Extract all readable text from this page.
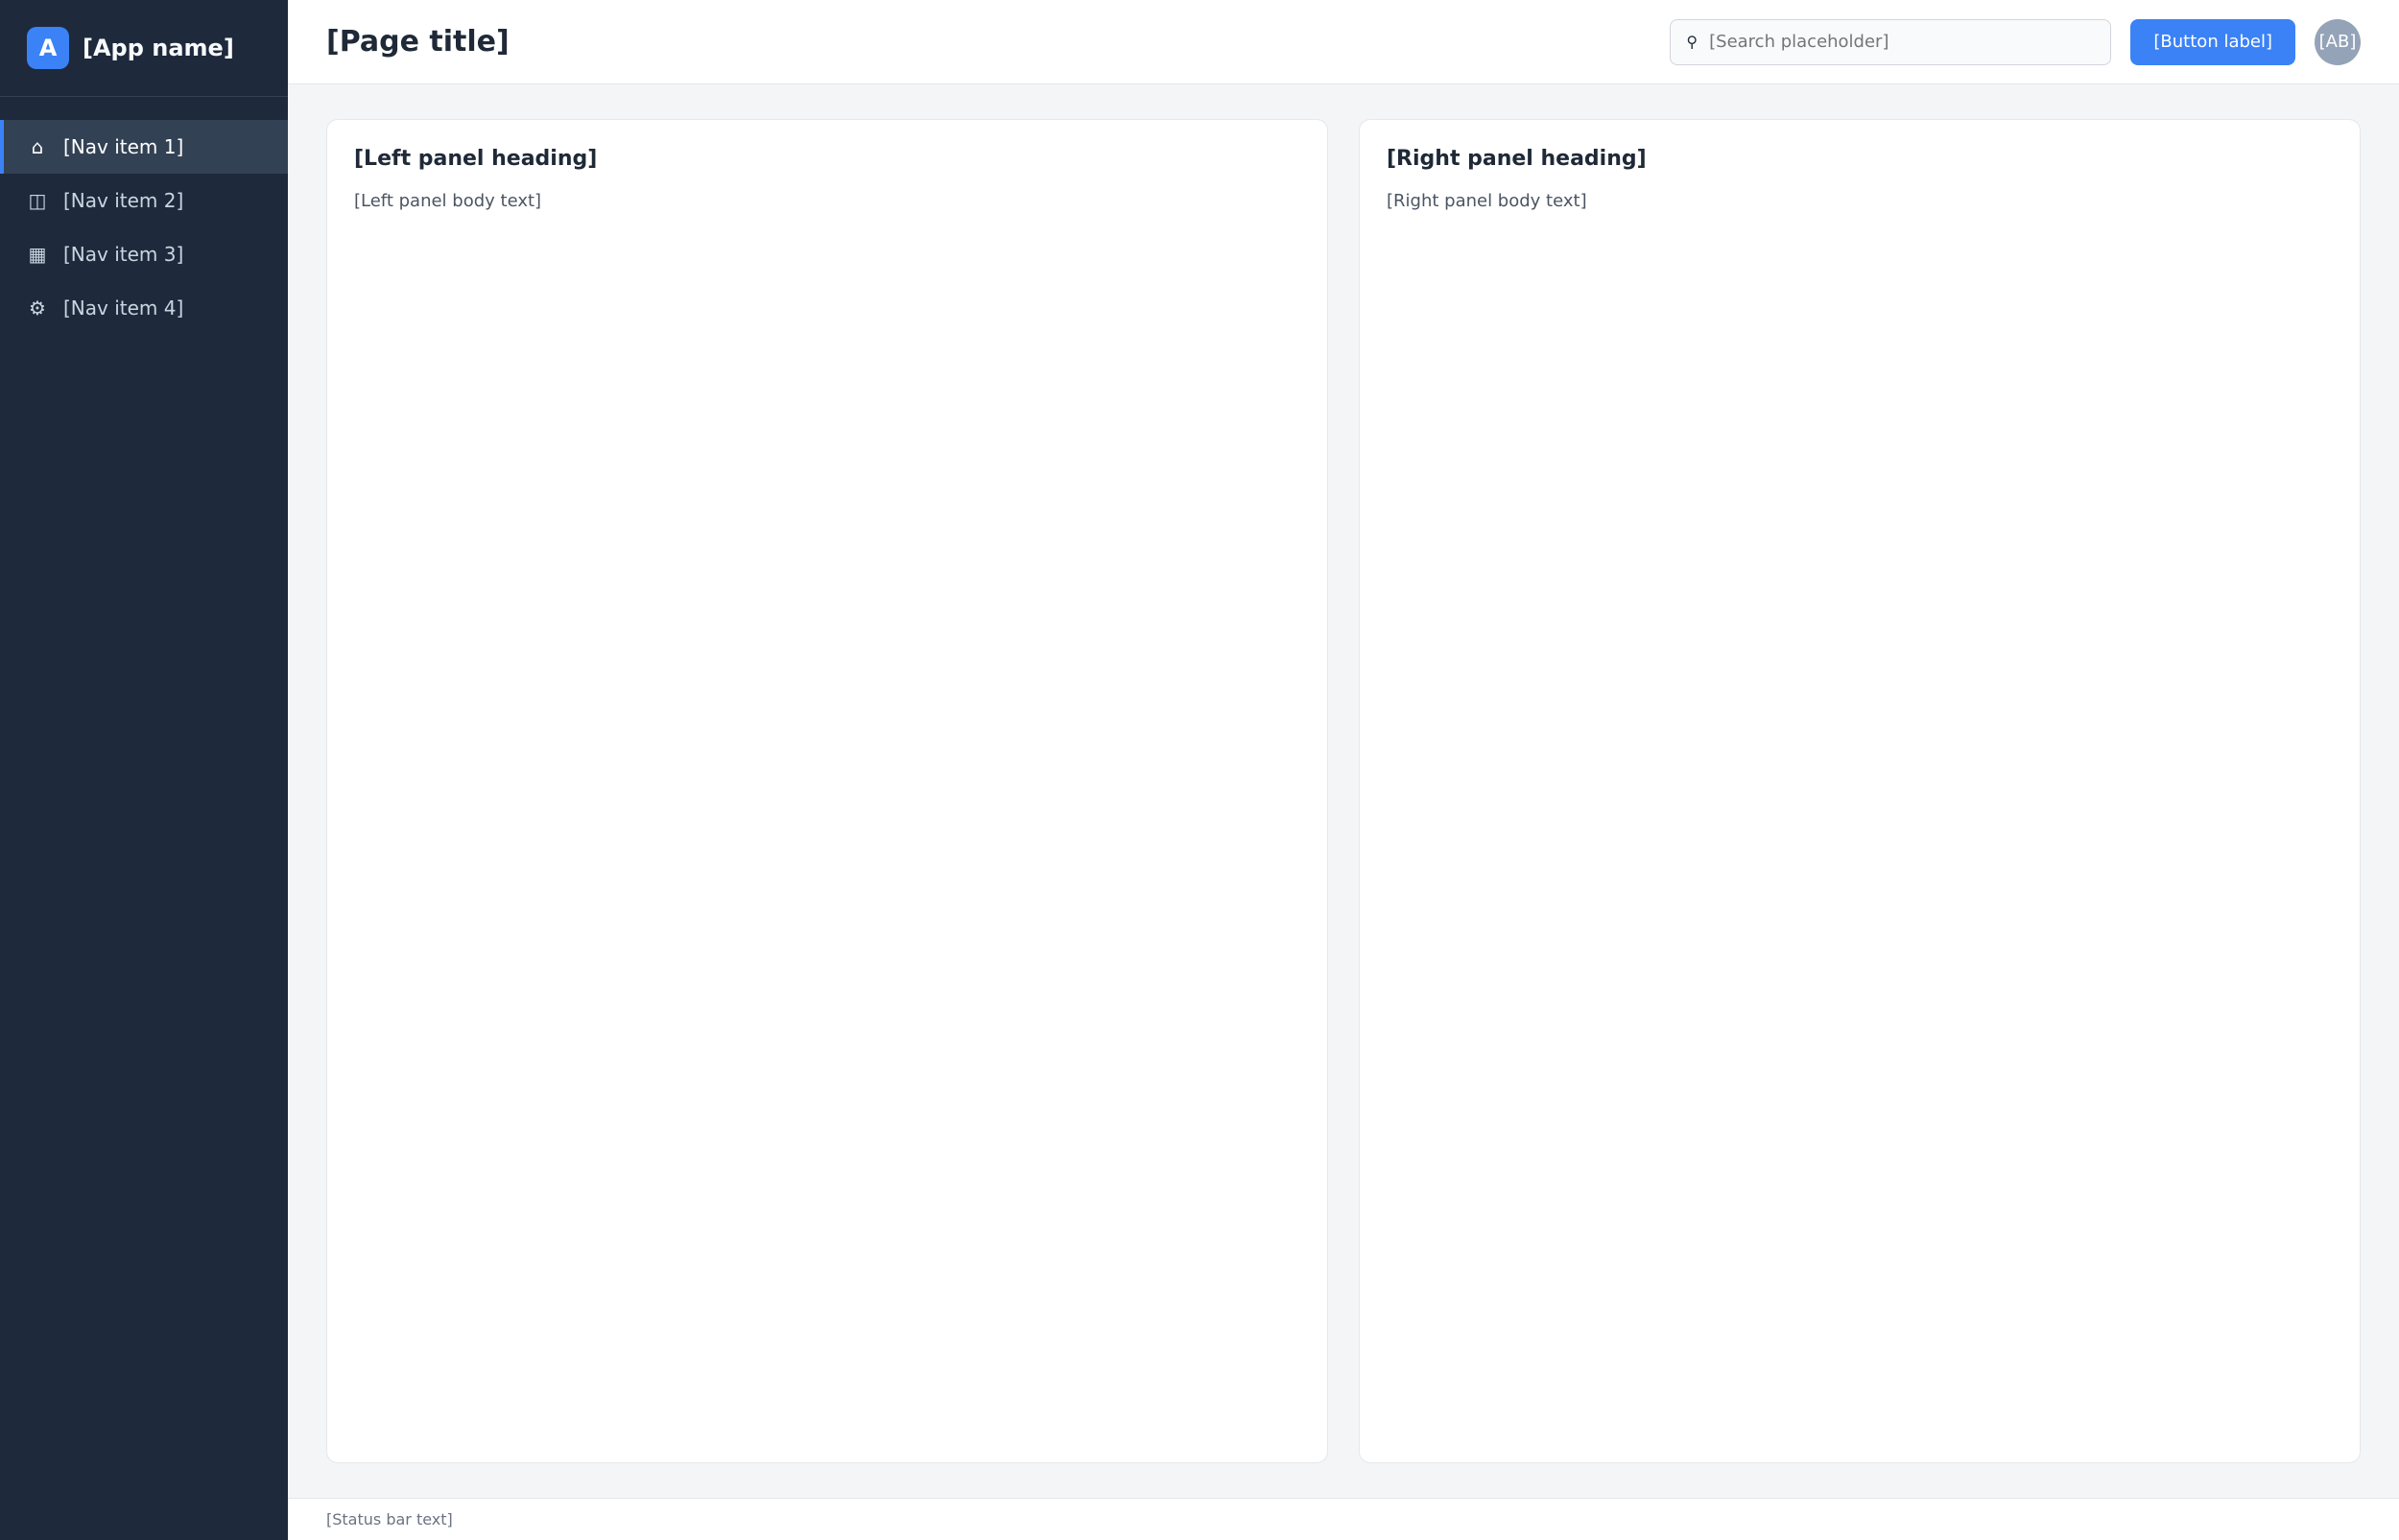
A	[App name]
⌂ [Nav item 1]
◫ [Nav item 2]
▦ [Nav item 3]
⚙ [Nav item 4]
[Page title]	⚲
[Search placeholder]	[Button label]	[AB]
[Left panel heading]

[Left panel body text]

[Right panel heading]

[Right panel body text]

[Status bar text]
